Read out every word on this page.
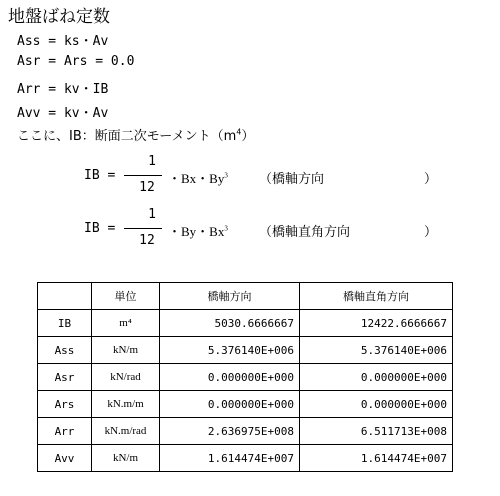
地盤ばね定数
Ass = ks・Av
Asr = Ars = 0.0
Arr = kv・IB
Avv = kv・Av
ここに、IB：断面二次モーメント$(m^4)$
IB =
1
12
・Bx・By$^3$ （橋軸方向	）
IB =
1
12
・By・Bx$^3$ （橋軸直角方向	）
	単位	橋軸方向	橋軸直角方向
IB	m⁴	5030.6666667	12422.6666667
Ass	kN/m	5.376140E+006	5.376140E+006
Asr	kN/rad	0.000000E+000	0.000000E+000
Ars	kN.m/m	0.000000E+000	0.000000E+000
Arr	kN.m/rad	2.636975E+008	6.511713E+008
Avv	kN/m	1.614474E+007	1.614474E+007
